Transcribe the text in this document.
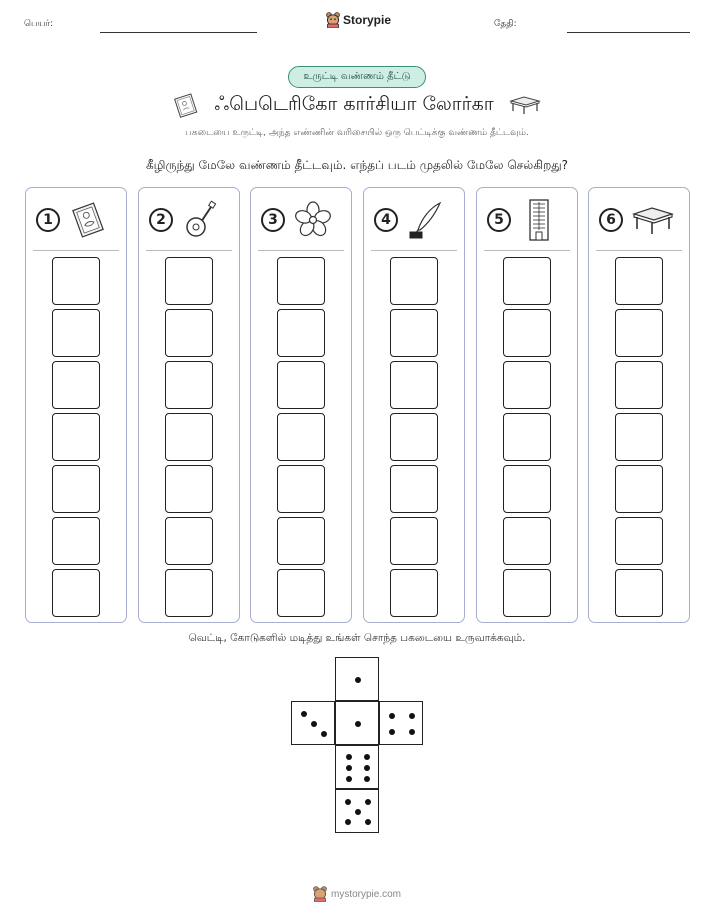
பெயர்:	Storypie	தேதி:
உருட்டி வண்ணம் தீட்டு
ஃபெடெரிகோ கார்சியா லோர்கா
பகடையை உருட்டி, அந்த எண்ணின் வரிசையில் ஒரு பெட்டிக்கு வண்ணம் தீட்டவும்.
கீழிருந்து மேலே வண்ணம் தீட்டவும். எந்தப் படம் முதலில் மேலே செல்கிறது?
1	2	3	4	5	6
வெட்டி, கோடுகளில் மடித்து உங்கள் சொந்த பகடையை உருவாக்கவும்.
mystorypie.com
